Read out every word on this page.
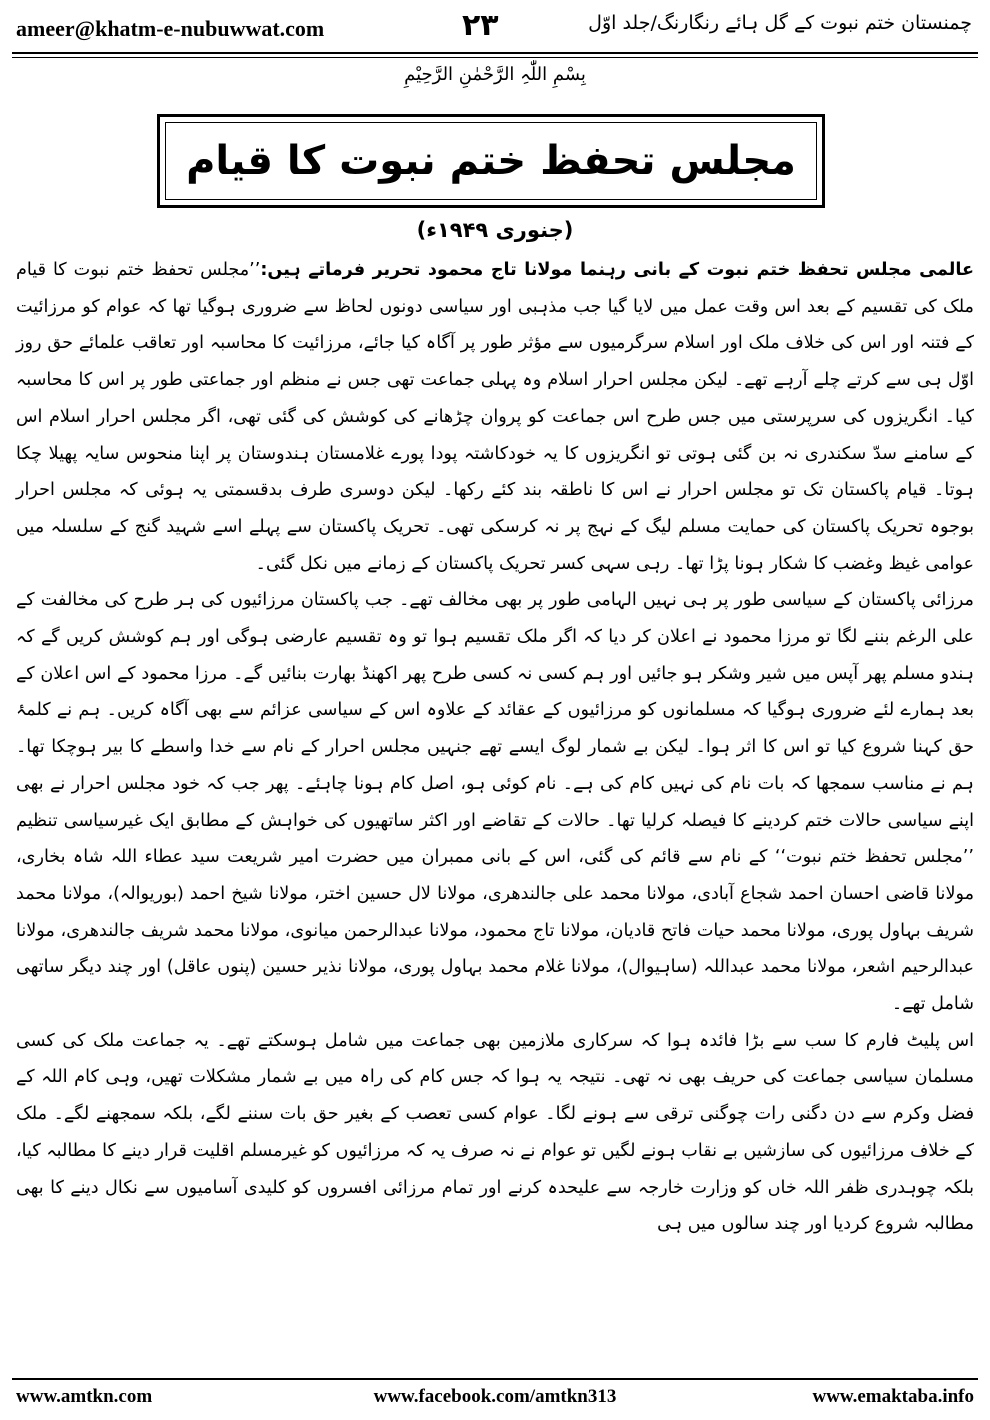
ameer@khatm-e-nubuwwat.com	۲۳	چمنستان ختم نبوت کے گل ہائے رنگارنگ/جلد اوّل
بِسْمِ اللّٰہِ الرَّحْمٰنِ الرَّحِیْمِ
مجلس تحفظ ختم نبوت کا قیام
(جنوری ۱۹۴۹ء)

عالمی مجلس تحفظ ختم نبوت کے بانی رہنما مولانا تاج محمود تحریر فرماتے ہیں:’’مجلس تحفظ ختم نبوت کا قیام ملک کی تقسیم کے بعد اس وقت عمل میں لایا گیا جب مذہبی اور سیاسی دونوں لحاظ سے ضروری ہوگیا تھا کہ عوام کو مرزائیت کے فتنہ اور اس کی خلاف ملک اور اسلام سرگرمیوں سے مؤثر طور پر آگاہ کیا جائے، مرزائیت کا محاسبہ اور تعاقب علمائے حق روز اوّل ہی سے کرتے چلے آرہے تھے۔ لیکن مجلس احرار اسلام وہ پہلی جماعت تھی جس نے منظم اور جماعتی طور پر اس کا محاسبہ کیا۔ انگریزوں کی سرپرستی میں جس طرح اس جماعت کو پروان چڑھانے کی کوشش کی گئی تھی، اگر مجلس احرار اسلام اس کے سامنے سدّ سکندری نہ بن گئی ہوتی تو انگریزوں کا یہ خودکاشتہ پودا پورے غلامستان ہندوستان پر اپنا منحوس سایہ پھیلا چکا ہوتا۔ قیام پاکستان تک تو مجلس احرار نے اس کا ناطقہ بند کئے رکھا۔ لیکن دوسری طرف بدقسمتی یہ ہوئی کہ مجلس احرار بوجوہ تحریک پاکستان کی حمایت مسلم لیگ کے نہج پر نہ کرسکی تھی۔ تحریک پاکستان سے پہلے اسے شہید گنج کے سلسلہ میں عوامی غیظ وغضب کا شکار ہونا پڑا تھا۔ رہی سہی کسر تحریک پاکستان کے زمانے میں نکل گئی۔

مرزائی پاکستان کے سیاسی طور پر ہی نہیں الہامی طور پر بھی مخالف تھے۔ جب پاکستان مرزائیوں کی ہر طرح کی مخالفت کے علی الرغم بننے لگا تو مرزا محمود نے اعلان کر دیا کہ اگر ملک تقسیم ہوا تو وہ تقسیم عارضی ہوگی اور ہم کوشش کریں گے کہ ہندو مسلم پھر آپس میں شیر وشکر ہو جائیں اور ہم کسی نہ کسی طرح پھر اکھنڈ بھارت بنائیں گے۔ مرزا محمود کے اس اعلان کے بعد ہمارے لئے ضروری ہوگیا کہ مسلمانوں کو مرزائیوں کے عقائد کے علاوہ اس کے سیاسی عزائم سے بھی آگاہ کریں۔ ہم نے کلمۂ حق کہنا شروع کیا تو اس کا اثر ہوا۔ لیکن بے شمار لوگ ایسے تھے جنہیں مجلس احرار کے نام سے خدا واسطے کا بیر ہوچکا تھا۔ ہم نے مناسب سمجھا کہ بات نام کی نہیں کام کی ہے۔ نام کوئی ہو، اصل کام ہونا چاہئے۔ پھر جب کہ خود مجلس احرار نے بھی اپنے سیاسی حالات ختم کردینے کا فیصلہ کرلیا تھا۔ حالات کے تقاضے اور اکثر ساتھیوں کی خواہش کے مطابق ایک غیرسیاسی تنظیم ’’مجلس تحفظ ختم نبوت‘‘ کے نام سے قائم کی گئی، اس کے بانی ممبران میں حضرت امیر شریعت سید عطاء اللہ شاہ بخاری، مولانا قاضی احسان احمد شجاع آبادی، مولانا محمد علی جالندھری، مولانا لال حسین اختر، مولانا شیخ احمد (بوریوالہ)، مولانا محمد شریف بہاول پوری، مولانا محمد حیات فاتح قادیان، مولانا تاج محمود، مولانا عبدالرحمن میانوی، مولانا محمد شریف جالندھری، مولانا عبدالرحیم اشعر، مولانا محمد عبداللہ (ساہیوال)، مولانا غلام محمد بہاول پوری، مولانا نذیر حسین (پنوں عاقل) اور چند دیگر ساتھی شامل تھے۔

اس پلیٹ فارم کا سب سے بڑا فائدہ ہوا کہ سرکاری ملازمین بھی جماعت میں شامل ہوسکتے تھے۔ یہ جماعت ملک کی کسی مسلمان سیاسی جماعت کی حریف بھی نہ تھی۔ نتیجہ یہ ہوا کہ جس کام کی راہ میں بے شمار مشکلات تھیں، وہی کام اللہ کے فضل وکرم سے دن دگنی رات چوگنی ترقی سے ہونے لگا۔ عوام کسی تعصب کے بغیر حق بات سننے لگے، بلکہ سمجھنے لگے۔ ملک کے خلاف مرزائیوں کی سازشیں بے نقاب ہونے لگیں تو عوام نے نہ صرف یہ کہ مرزائیوں کو غیرمسلم اقلیت قرار دینے کا مطالبہ کیا، بلکہ چوہدری ظفر اللہ خاں کو وزارت خارجہ سے علیحدہ کرنے اور تمام مرزائی افسروں کو کلیدی آسامیوں سے نکال دینے کا بھی مطالبہ شروع کردیا اور چند سالوں میں ہی

www.amtkn.com	www.facebook.com/amtkn313	www.emaktaba.info
